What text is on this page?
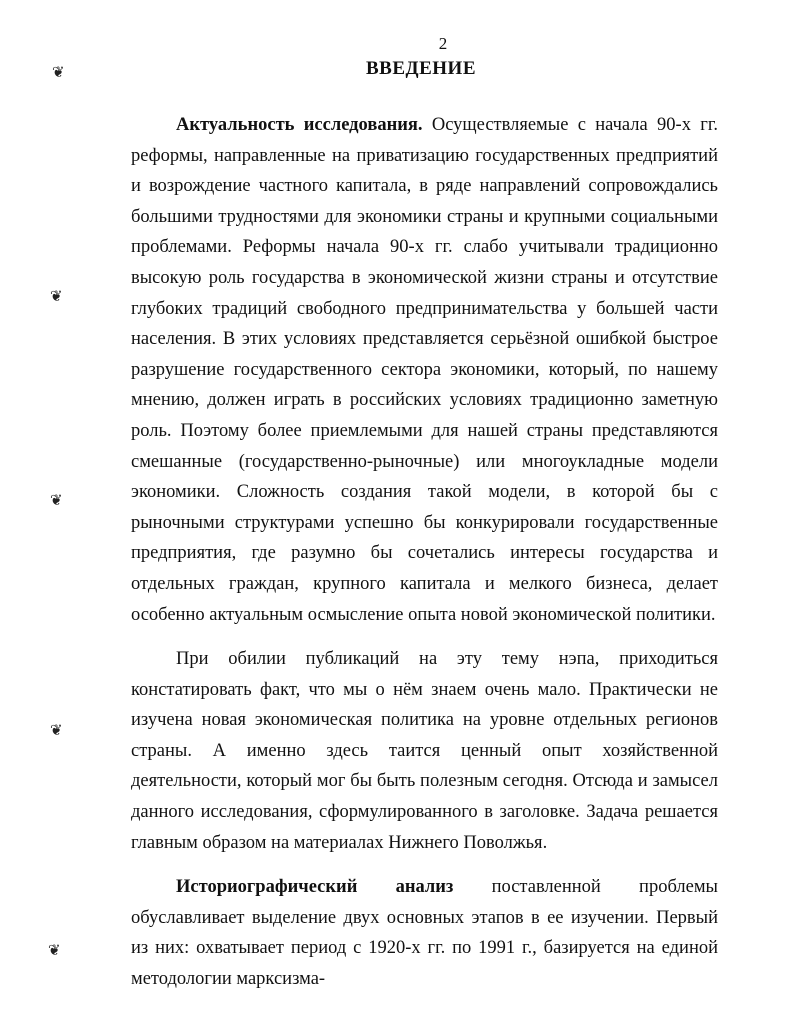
2
ВВЕДЕНИЕ
❦
❦
❦
❦
❦

Актуальность исследования. Осуществляемые с начала 90-х гг. реформы, направленные на приватизацию государственных предприятий и возрождение частного капитала, в ряде направлений сопровождались большими трудностями для экономики страны и крупными социальными проблемами. Реформы начала 90-х гг. слабо учитывали традиционно высокую роль государства в экономической жизни страны и отсутствие глубоких традиций свободного предпринимательства у большей части населения. В этих условиях представляется серьёзной ошибкой быстрое разрушение государственного сектора экономики, который, по нашему мнению, должен играть в российских условиях традиционно заметную роль. Поэтому более приемлемыми для нашей страны представляются смешанные (государственно-рыночные) или многоукладные модели экономики. Сложность создания такой модели, в которой бы с рыночными структурами успешно бы конкурировали государственные предприятия, где разумно бы сочетались интересы государства и отдельных граждан, крупного капитала и мелкого бизнеса, делает особенно актуальным осмысление опыта новой экономической политики.

При обилии публикаций на эту тему нэпа, приходиться констатировать факт, что мы о нём знаем очень мало. Практически не изучена новая экономическая политика на уровне отдельных регионов страны. А именно здесь таится ценный опыт хозяйственной деятельности, который мог бы быть полезным сегодня. Отсюда и замысел данного исследования, сформулированного в заголовке. Задача решается главным образом на материалах Нижнего Поволжья.

Историографический анализ поставленной проблемы обуславливает выделение двух основных этапов в ее изучении. Первый из них: охватывает период с 1920-х гг. по 1991 г., базируется на единой методологии марксизма-
